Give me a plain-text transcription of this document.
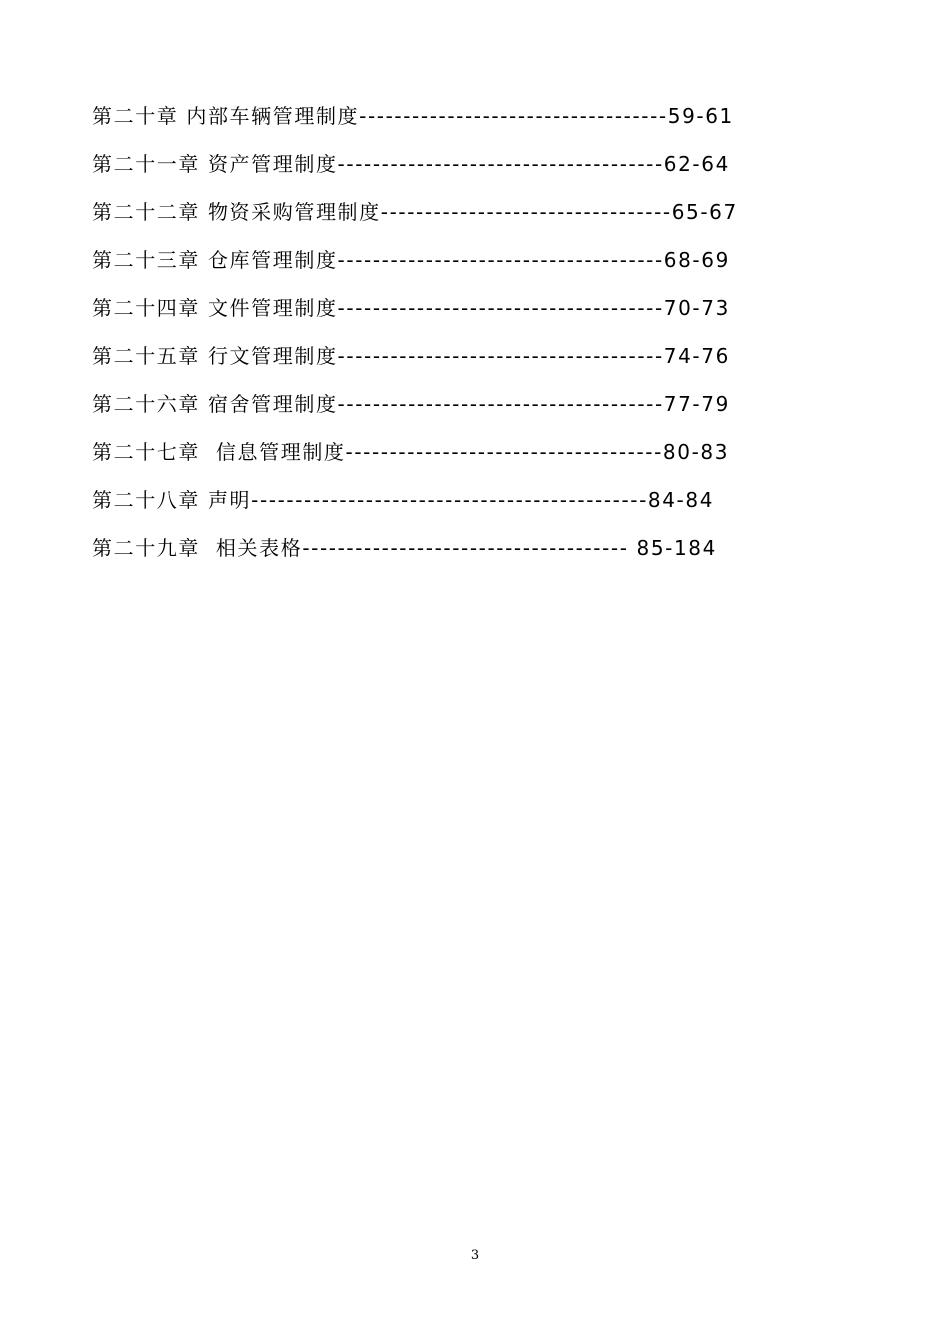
第二十章 内部车辆管理制度-----------------------------------59-61
第二十一章 资产管理制度-------------------------------------62-64
第二十二章 物资采购管理制度---------------------------------65-67
第二十三章 仓库管理制度-------------------------------------68-69
第二十四章 文件管理制度-------------------------------------70-73
第二十五章 行文管理制度-------------------------------------74-76
第二十六章 宿舍管理制度-------------------------------------77-79
第二十七章  信息管理制度------------------------------------80-83
第二十八章 声明---------------------------------------------84-84
第二十九章  相关表格------------------------------------- 85-184
3
